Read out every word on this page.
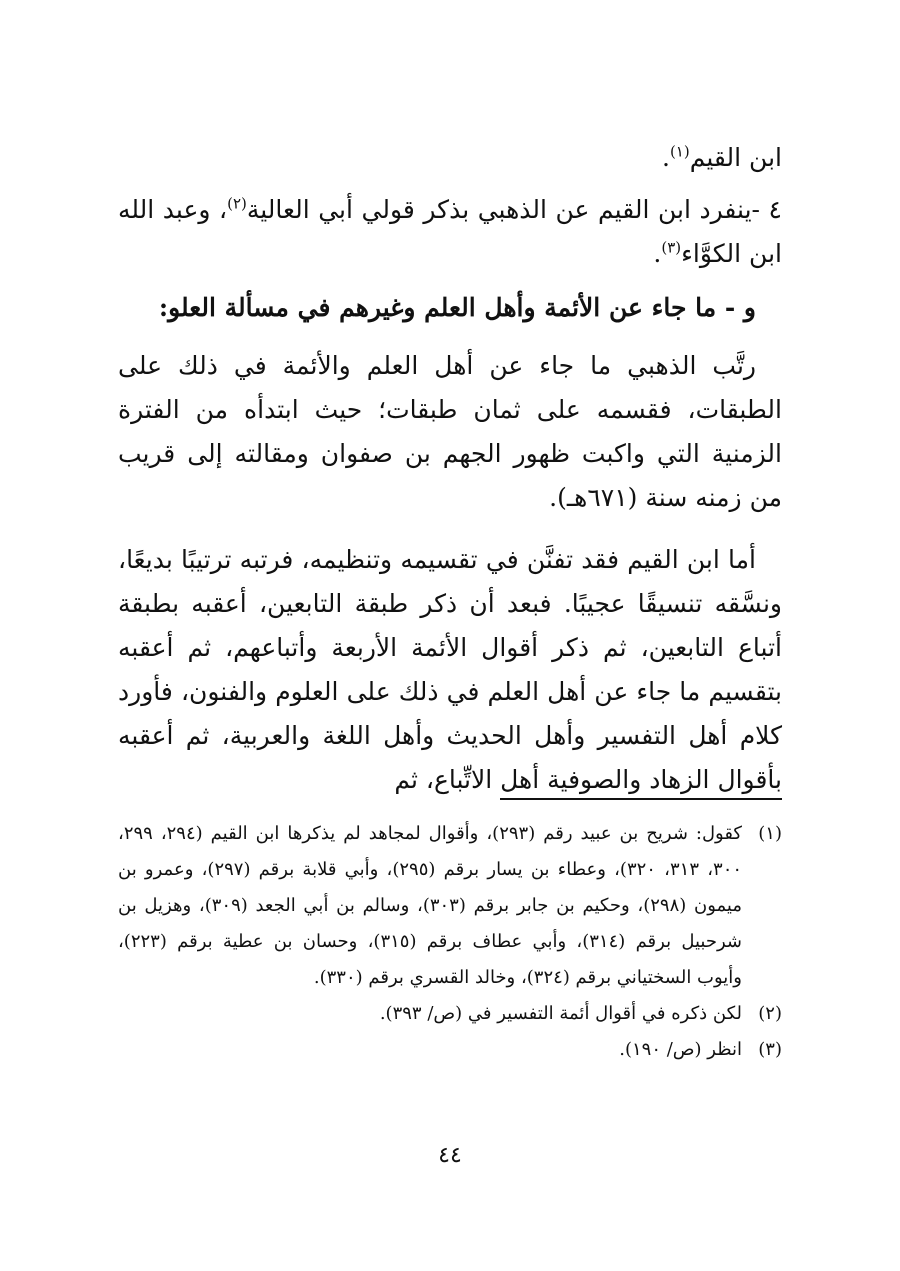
ابن القيم$^{(١)}$.

٤ -ينفرد ابن القيم عن الذهبي بذكر قولي أبي العالية$^{(٢)}$، وعبد الله ابن الكوَّاء$^{(٣)}$.

و - ما جاء عن الأئمة وأهل العلم وغيرهم في مسألة العلو:

رتَّب الذهبي ما جاء عن أهل العلم والأئمة في ذلك على الطبقات، فقسمه على ثمان طبقات؛ حيث ابتدأه من الفترة الزمنية التي واكبت ظهور الجهم بن صفوان ومقالته إلى قريب من زمنه سنة (٦٧١هـ).

أما ابن القيم فقد تفنَّن في تقسيمه وتنظيمه، فرتبه ترتيبًا بديعًا، ونسَّقه تنسيقًا عجيبًا. فبعد أن ذكر طبقة التابعين، أعقبه بطبقة أتباع التابعين، ثم ذكر أقوال الأئمة الأربعة وأتباعهم، ثم أعقبه بتقسيم ما جاء عن أهل العلم في ذلك على العلوم والفنون، فأورد كلام أهل التفسير وأهل الحديث وأهل اللغة والعربية، ثم أعقبه بأقوال الزهاد والصوفية أهل الاتِّباع، ثم

(١)
كقول: شريح بن عبيد رقم (٢٩٣)، وأقوال لمجاهد لم يذكرها ابن القيم (٢٩٤، ٢٩٩، ٣٠٠، ٣١٣، ٣٢٠)، وعطاء بن يسار برقم (٢٩٥)، وأبي قلابة برقم (٢٩٧)، وعمرو بن ميمون (٢٩٨)، وحكيم بن جابر برقم (٣٠٣)، وسالم بن أبي الجعد (٣٠٩)، وهزيل بن شرحبيل برقم (٣١٤)، وأبي عطاف برقم (٣١٥)، وحسان بن عطية برقم (٢٢٣)، وأيوب السختياني برقم (٣٢٤)، وخالد القسري برقم (٣٣٠).
(٢)
لكن ذكره في أقوال أئمة التفسير في (ص/ ٣٩٣).
(٣)
انظر (ص/ ١٩٠).
٤٤
